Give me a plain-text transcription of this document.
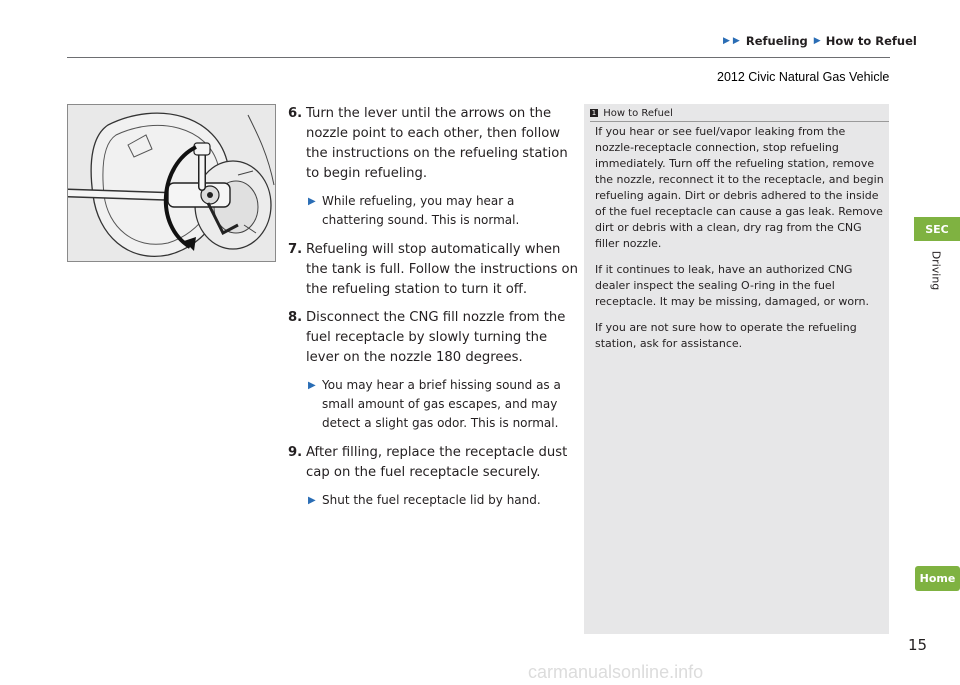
▶ ▶ Refueling ▶ How to Refuel
2012 Civic Natural Gas Vehicle
6. Turn the lever until the arrows on the nozzle point to each other, then follow the instructions on the refueling station to begin refueling.
▶ While refueling, you may hear a chattering sound. This is normal.
7. Refueling will stop automatically when the tank is full. Follow the instructions on the refueling station to turn it off.
8. Disconnect the CNG fill nozzle from the fuel receptacle by slowly turning the lever on the nozzle 180 degrees.
▶ You may hear a brief hissing sound as a small amount of gas escapes, and may detect a slight gas odor. This is normal.
9. After filling, replace the receptacle dust cap on the fuel receptacle securely.
▶ Shut the fuel receptacle lid by hand.
1 How to Refuel

If you hear or see fuel/vapor leaking from the nozzle-receptacle connection, stop refueling immediately. Turn off the refueling station, remove the nozzle, reconnect it to the receptacle, and begin refueling again. Dirt or debris adhered to the inside of the fuel receptacle can cause a gas leak. Remove dirt or debris with a clean, dry rag from the CNG filler nozzle.

If it continues to leak, have an authorized CNG dealer inspect the sealing O-ring in the fuel receptacle. It may be missing, damaged, or worn.

If you are not sure how to operate the refueling station, ask for assistance.

SEC
Driving
Home
15
carmanualsonline.info
